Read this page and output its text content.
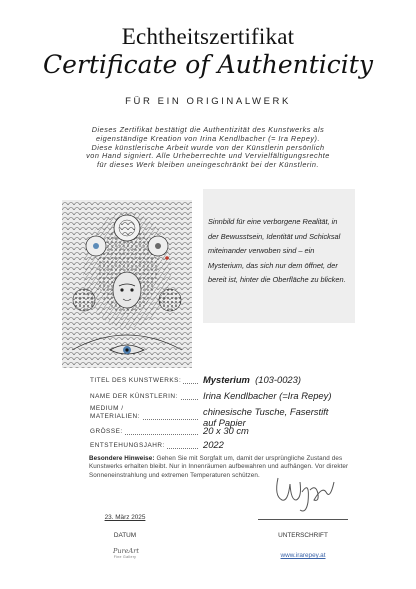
Echtheitszertifikat
Certificate of Authenticity
FÜR EIN ORIGINALWERK
Dieses Zertifikat bestätigt die Authentizität des Kunstwerks als
eigenständige Kreation von Irina Kendlbacher (= Ira Repey).
Diese künstlerische Arbeit wurde von der Künstlerin persönlich
von Hand signiert. Alle Urheberrechte und Vervielfältigungsrechte
für dieses Werk bleiben uneingeschränkt bei der Künstlerin.
Sinnbild für eine verborgene Realität, in
der Bewusstsein, Identität und Schicksal
miteinander verwoben sind – ein
Mysterium, das sich nur dem öffnet, der
bereit ist, hinter die Oberfläche zu blicken.
TITEL DES KUNSTWERKS:	Mysterium (103-0023)
NAME DER KÜNSTLERIN:	Irina Kendlbacher (=Ira Repey)
MEDIUM /
MATERIALIEN:	chinesische Tusche, Faserstift
auf Papier
GRÖSSE:	20 x 30 cm
ENTSTEHUNGSJAHR:	2022
Besondere Hinweise: Gehen Sie mit Sorgfalt um, damit der ursprüngliche Zustand des Kunstwerks erhalten bleibt. Nur in Innenräumen aufbewahren und aufhängen. Vor direkter Sonneneinstrahlung und extremen Temperaturen schützen.
23. März 2025
DATUM	UNTERSCHRIFT
PureArt
Fine Gallery	www.irarepey.at
